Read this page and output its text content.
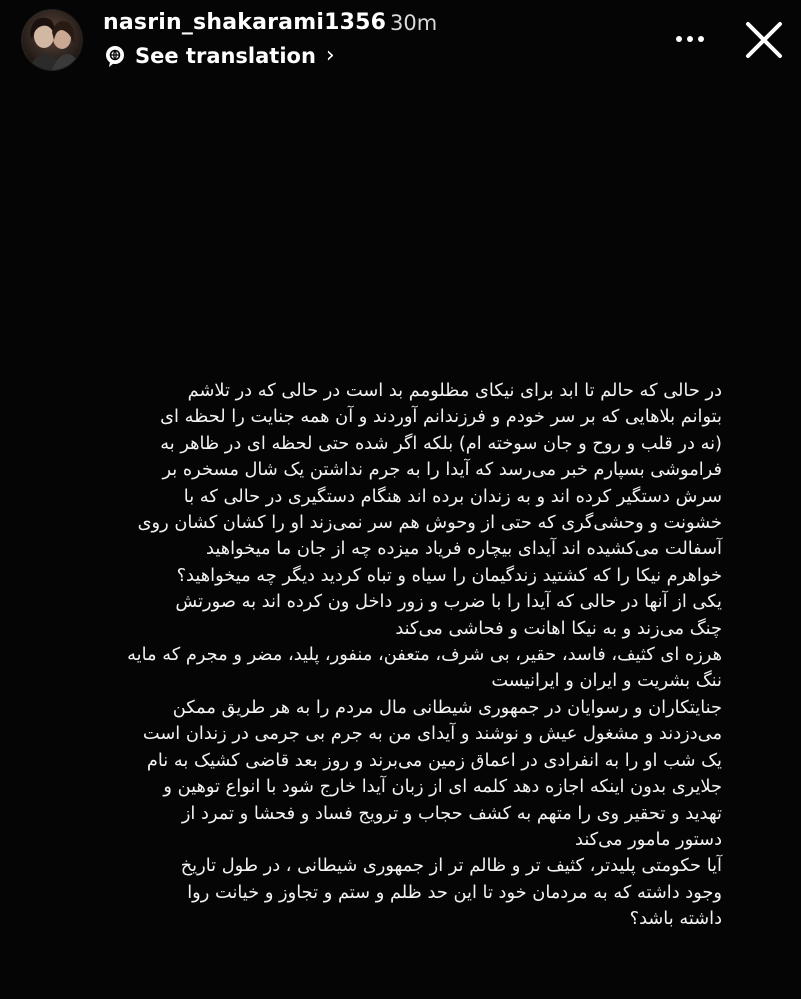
nasrin_shakarami1356 30m
See translation ›
در حالی که حالم تا ابد برای نیکای مظلومم بد است در حالی که در تلاشم
بتوانم بلاهایی که بر سر خودم و فرزندانم آوردند و آن همه جنایت را لحظه ای
(نه در قلب و روح و جان سوخته ام) بلکه اگر شده حتی لحظه ای در ظاهر به
فراموشی بسپارم خبر می‌رسد که آیدا را به جرم نداشتن یک شال مسخره بر
سرش دستگیر کرده اند و به زندان برده اند هنگام دستگیری در حالی که با
خشونت و وحشی‌گری که حتی از وحوش هم سر نمی‌زند او را کشان کشان روی
آسفالت می‌کشیده اند آیدای بیچاره فریاد میزده چه از جان ما میخواهید
خواهرم نیکا را که کشتید زندگیمان را سیاه و تباه کردید دیگر چه میخواهید؟
یکی از آنها در حالی که آیدا را با ضرب و زور داخل ون کرده اند به صورتش
چنگ می‌زند و به نیکا اهانت و فحاشی می‌کند
هرزه ای کثیف، فاسد، حقیر، بی شرف، متعفن، منفور، پلید، مضر و مجرم که مایه
ننگ بشریت و ایران و ایرانیست
جنایتکاران و رسوایان در جمهوری شیطانی مال مردم را به هر طریق ممکن
می‌دزدند و مشغول عیش و نوشند و آیدای من به جرم بی جرمی در زندان است
یک شب او را به انفرادی در اعماق زمین می‌برند و روز بعد قاضی کشیک به نام
جلایری بدون اینکه اجازه دهد کلمه ای از زبان آیدا خارج شود با انواع توهین و
تهدید و تحقیر وی را متهم به کشف حجاب و ترویج فساد و فحشا و تمرد از
دستور مامور می‌کند
آیا حکومتی پلیدتر، کثیف تر و ظالم تر از جمهوری شیطانی ، در طول تاریخ
وجود داشته که به مردمان خود تا این حد ظلم و ستم و تجاوز و خیانت روا
داشته باشد؟
